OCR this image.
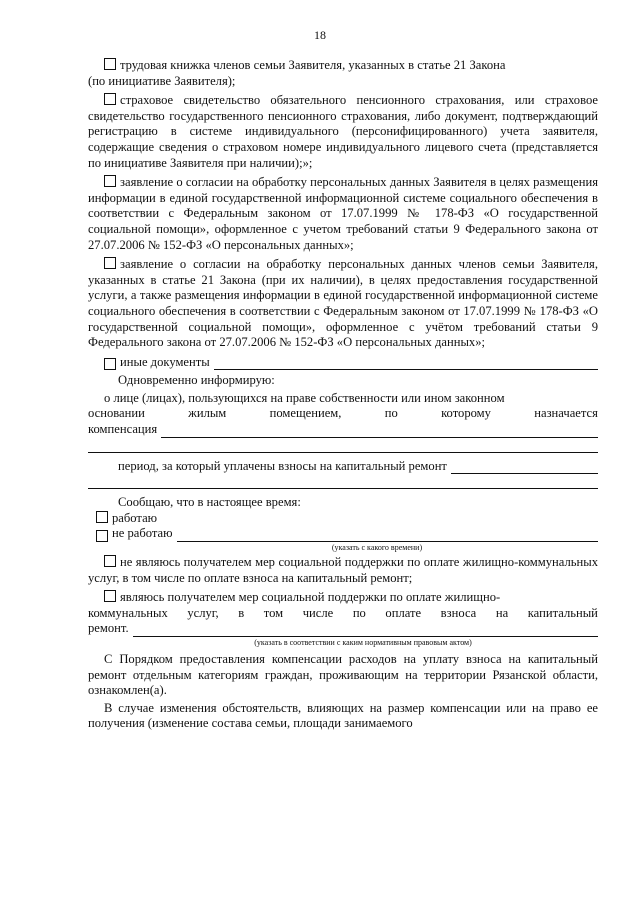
18

трудовая книжка членов семьи Заявителя, указанных в статье 21 Закона

(по инициативе Заявителя);

страховое свидетельство обязательного пенсионного страхования, или страховое свидетельство государственного пенсионного страхования, либо документ, подтверждающий регистрацию в системе индивидуального (персонифицированного) учета заявителя, содержащие сведения о страховом номере индивидуального лицевого счета (представляется по инициативе Заявителя при наличии);»;

заявление о согласии на обработку персональных данных Заявителя в целях размещения информации в единой государственной информационной системе социального обеспечения в соответствии с Федеральным законом от 17.07.1999 № 178-ФЗ «О государственной социальной помощи», оформленное с учетом требований статьи 9 Федерального закона от 27.07.2006 № 152-ФЗ «О персональных данных»;

заявление о согласии на обработку персональных данных членов семьи Заявителя, указанных в статье 21 Закона (при их наличии), в целях предоставления государственной услуги, а также размещения информации в единой государственной информационной системе социального обеспечения в соответствии с Федеральным законом от 17.07.1999 № 178-ФЗ «О государственной социальной помощи», оформленное с учётом требований статьи 9 Федерального закона от 27.07.2006 № 152-ФЗ «О персональных данных»;

иные документы

Одновременно информирую:

о лице (лицах), пользующихся на праве собственности или ином законном

основании	жилым	помещением,	по	которому	назначается
компенсация
период, за который уплачены взносы на капитальный ремонт

Сообщаю, что в настоящее время:

работаю
не работаю
(указать с какого времени)

не являюсь получателем мер социальной поддержки по оплате жилищно-коммунальных услуг, в том числе по оплате взноса на капитальный ремонт;

являюсь получателем мер социальной поддержки по оплате жилищно-

коммунальных услуг, в том числе по оплате взноса на капитальный
ремонт.
(указать в соответствии с каким нормативным правовым актом)

С Порядком предоставления компенсации расходов на уплату взноса на капитальный ремонт отдельным категориям граждан, проживающим на территории Рязанской области, ознакомлен(а).

В случае изменения обстоятельств, влияющих на размер компенсации или на право ее получения (изменение состава семьи, площади занимаемого
